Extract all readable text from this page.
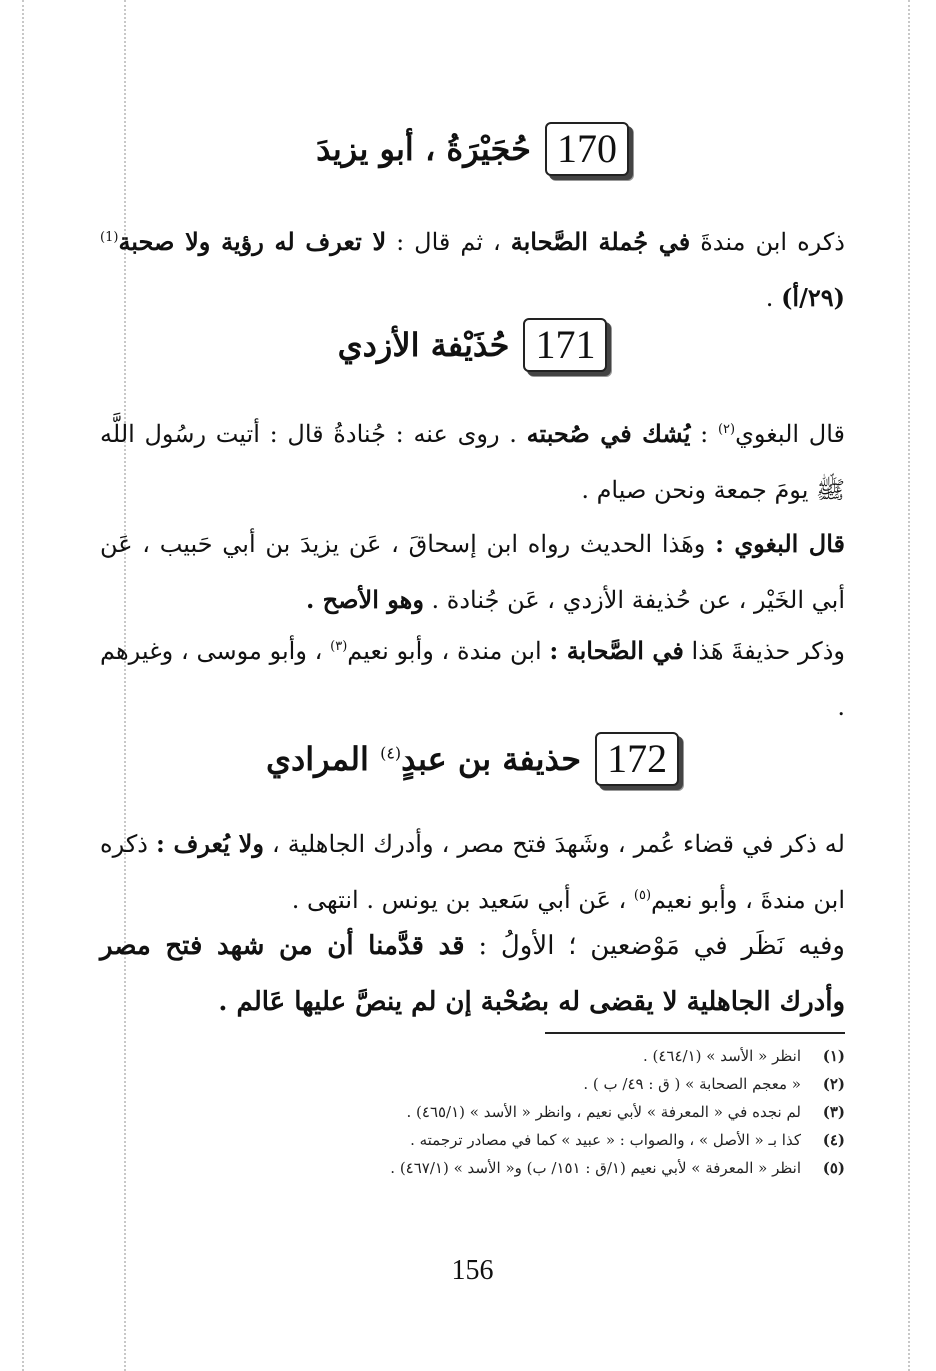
170
حُجَيْرَةُ ، أبو يزيدَ
ذكره ابن مندةَ في جُملة الصَّحابة ، ثم قال : لا تعرف له رؤية ولا صحبة$^{(1)}$ (٢٩/أ) .
171
حُذَيْفة الأزدي
قال البغوي$^{(٢)}$ : يُشك في صُحبته . روى عنه : جُنادةُ قال : أتيت رسُول اللَّه ﷺ يومَ جمعة ونحن صيام .
قال البغوي : وهَذا الحديث رواه ابن إسحاقَ ، عَن يزيدَ بن أبي حَبيب ، عَن أبي الخَيْر ، عن حُذيفة الأزدي ، عَن جُنادة . وهو الأصح .
وذكر حذيفةَ هَذا في الصَّحابة : ابن مندة ، وأبو نعيم$^{(٣)}$ ، وأبو موسى ، وغيرهم .
172
حذيفة بن عبدٍ$^{(٤)}$ المرادي
له ذكر في قضاء عُمر ، وشَهدَ فتح مصر ، وأدرك الجاهلية ، ولا يُعرف : ذكره ابن مندةَ ، وأبو نعيم$^{(٥)}$ ، عَن أبي سَعيد بن يونس . انتهى .
وفيه نَظَر في مَوْضعين ؛ الأولُ : قد قدَّمنا أن من شهد فتح مصر وأدرك الجاهلية لا يقضى له بصُحْبة إن لم ينصَّ عليها عَالم .
(١)
انظر « الأسد » (٤٦٤/١) .
(٢)
« معجم الصحابة » ( ق : ٤٩/ ب ) .
(٣)
لم نجده في « المعرفة » لأبي نعيم ، وانظر « الأسد » (٤٦٥/١) .
(٤)
كذا بـ « الأصل » ، والصواب : « عبيد » كما في مصادر ترجمته .
(٥)
انظر « المعرفة » لأبي نعيم (١/ق : ١٥١/ ب) و« الأسد » (٤٦٧/١) .
156
